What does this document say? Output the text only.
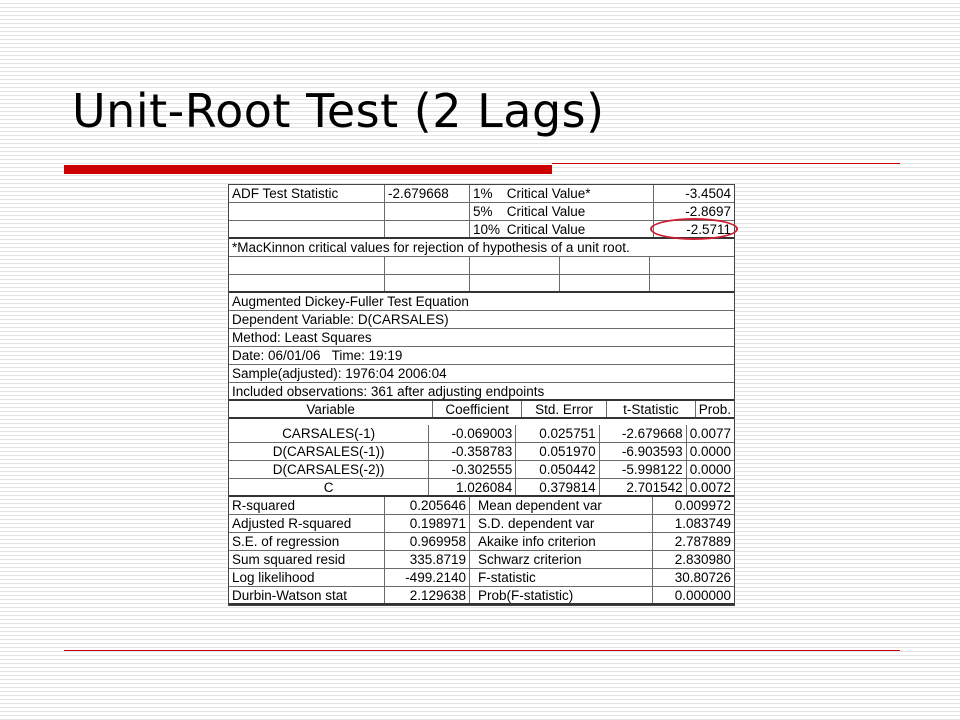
Unit-Root Test (2 Lags)
ADF Test Statistic	-2.679668	1% Critical Value*	-3.4504
5% Critical Value	-2.8697
10% Critical Value	-2.5711
*MacKinnon critical values for rejection of hypothesis of a unit root.
Augmented Dickey-Fuller Test Equation
Dependent Variable: D(CARSALES)
Method: Least Squares
Date: 06/01/06   Time: 19:19
Sample(adjusted): 1976:04 2006:04
Included observations: 361 after adjusting endpoints
Variable	Coefficient	Std. Error	t-Statistic	Prob.
CARSALES(-1)	-0.069003	0.025751	-2.679668 0.0077
D(CARSALES(-1))	-0.358783	0.051970	-6.903593 0.0000
D(CARSALES(-2))	-0.302555	0.050442	-5.998122 0.0000
C	1.026084	0.379814	2.701542 0.0072
R-squared	0.205646 Mean dependent var	0.009972
Adjusted R-squared	0.198971 S.D. dependent var	1.083749
S.E. of regression	0.969958 Akaike info criterion	2.787889
Sum squared resid	335.8719 Schwarz criterion	2.830980
Log likelihood	-499.2140 F-statistic	30.80726
Durbin-Watson stat	2.129638 Prob(F-statistic)	0.000000
